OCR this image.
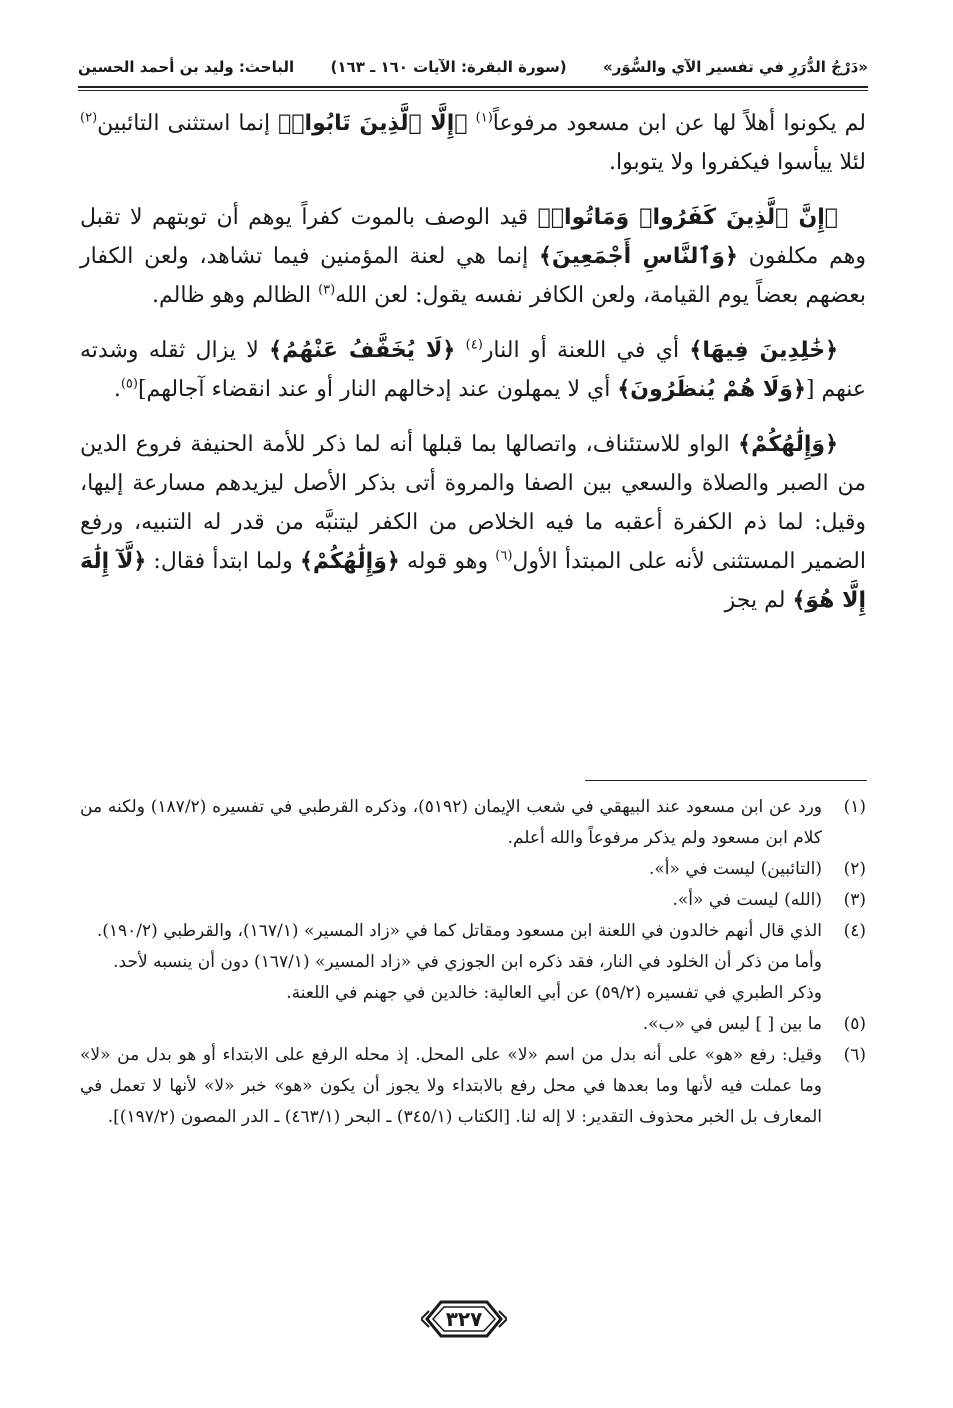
«دَرْجُ الدُّرَرِ في تفسير الآي والسُّوَر»
(سورة البقرة: الآيات ١٦٠ ـ ١٦٣)
الباحث: وليد بن أحمد الحسين

لم يكونوا أهلاً لها عن ابن مسعود مرفوعاً$^{(١)}$ ﴿إِلَّا ٱلَّذِينَ تَابُوا۟﴾ إنما استثنى التائبين$^{(٢)}$ لئلا ييأسوا فيكفروا ولا يتوبوا.

﴿إِنَّ ٱلَّذِينَ كَفَرُوا۟ وَمَاتُوا۟﴾ قيد الوصف بالموت كفراً يوهم أن توبتهم لا تقبل وهم مكلفون ﴿وَٱلنَّاسِ أَجْمَعِينَ﴾ إنما هي لعنة المؤمنين فيما تشاهد، ولعن الكفار بعضهم بعضاً يوم القيامة، ولعن الكافر نفسه يقول: لعن الله$^{(٣)}$ الظالم وهو ظالم.

﴿خَٰلِدِينَ فِيهَا﴾ أي في اللعنة أو النار$^{(٤)}$ ﴿لَا يُخَفَّفُ عَنْهُمُ﴾ لا يزال ثقله وشدته عنهم [﴿وَلَا هُمْ يُنظَرُونَ﴾ أي لا يمهلون عند إدخالهم النار أو عند انقضاء آجالهم]$^{(٥)}$.

﴿وَإِلَٰهُكُمْ﴾ الواو للاستئناف، واتصالها بما قبلها أنه لما ذكر للأمة الحنيفة فروع الدين من الصبر والصلاة والسعي بين الصفا والمروة أتى بذكر الأصل ليزيدهم مسارعة إليها، وقيل: لما ذم الكفرة أعقبه ما فيه الخلاص من الكفر ليتنبَّه من قدر له التنبيه، ورفع الضمير المستثنى لأنه على المبتدأ الأول$^{(٦)}$ وهو قوله ﴿وَإِلَٰهُكُمْ﴾ ولما ابتدأ فقال: ﴿لَّآ إِلَٰهَ إِلَّا هُوَ﴾ لم يجز

(١)
ورد عن ابن مسعود عند البيهقي في شعب الإيمان (٥١٩٢)، وذكره القرطبي في تفسيره (١٨٧/٢) ولكنه من كلام ابن مسعود ولم يذكر مرفوعاً والله أعلم.
(٢)
(التائبين) ليست في «أ».
(٣)
(الله) ليست في «أ».
(٤)
الذي قال أنهم خالدون في اللعنة ابن مسعود ومقاتل كما في «زاد المسير» (١٦٧/١)، والقرطبي (١٩٠/٢).
وأما من ذكر أن الخلود في النار، فقد ذكره ابن الجوزي في «زاد المسير» (١٦٧/١) دون أن ينسبه لأحد.
وذكر الطبري في تفسيره (٥٩/٢) عن أبي العالية: خالدين في جهنم في اللعنة.
(٥)
ما بين [ ] ليس في «ب».
(٦)
وقيل: رفع «هو» على أنه بدل من اسم «لا» على المحل. إذ محله الرفع على الابتداء أو هو بدل من «لا» وما عملت فيه لأنها وما بعدها في محل رفع بالابتداء ولا يجوز أن يكون «هو» خبر «لا» لأنها لا تعمل في المعارف بل الخبر محذوف التقدير: لا إله لنا. [الكتاب (٣٤٥/١) ـ البحر (٤٦٣/١) ـ الدر المصون (١٩٧/٢)].
٣٢٧
